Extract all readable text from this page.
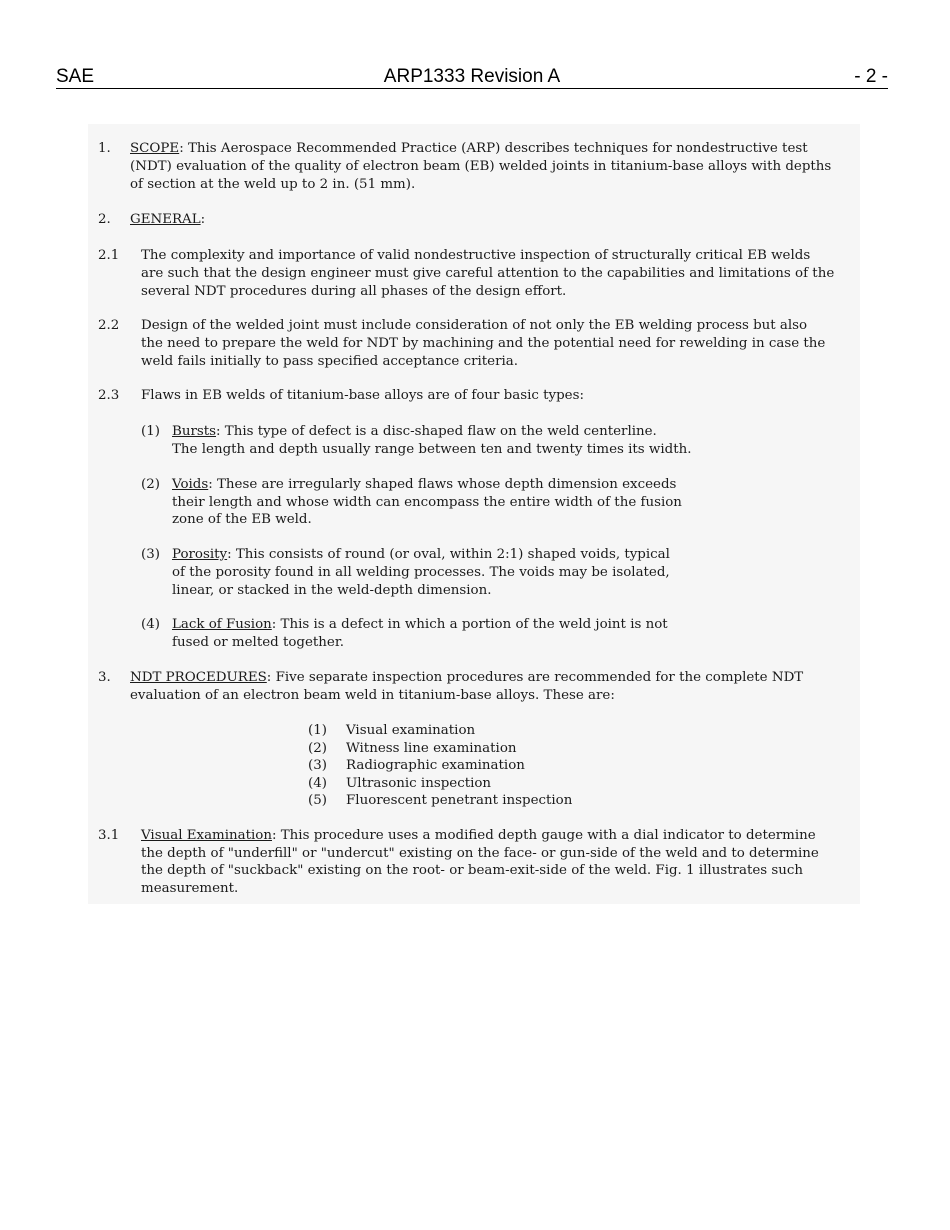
SAE	ARP1333 Revision A	- 2 -
1. SCOPE: This Aerospace Recommended Practice (ARP) describes techniques for nondestructive test
(NDT) evaluation of the quality of electron beam (EB) welded joints in titanium-base alloys with depths
of section at the weld up to 2 in. (51 mm).
2. GENERAL:
2.1 The complexity and importance of valid nondestructive inspection of structurally critical EB welds
are such that the design engineer must give careful attention to the capabilities and limitations of the
several NDT procedures during all phases of the design effort.
2.2 Design of the welded joint must include consideration of not only the EB welding process but also
the need to prepare the weld for NDT by machining and the potential need for rewelding in case the
weld fails initially to pass specified acceptance criteria.
2.3 Flaws in EB welds of titanium-base alloys are of four basic types:
(1) Bursts: This type of defect is a disc-shaped flaw on the weld centerline.
The length and depth usually range between ten and twenty times its width.
(2) Voids: These are irregularly shaped flaws whose depth dimension exceeds
their length and whose width can encompass the entire width of the fusion
zone of the EB weld.
(3) Porosity: This consists of round (or oval, within 2:1) shaped voids, typical
of the porosity found in all welding processes. The voids may be isolated,
linear, or stacked in the weld-depth dimension.
(4) Lack of Fusion: This is a defect in which a portion of the weld joint is not
fused or melted together.
3. NDT PROCEDURES: Five separate inspection procedures are recommended for the complete NDT
evaluation of an electron beam weld in titanium-base alloys. These are:
(1) Visual examination
(2) Witness line examination
(3) Radiographic examination
(4) Ultrasonic inspection
(5) Fluorescent penetrant inspection
3.1 Visual Examination: This procedure uses a modified depth gauge with a dial indicator to determine
the depth of "underfill" or "undercut" existing on the face- or gun-side of the weld and to determine
the depth of "suckback" existing on the root- or beam-exit-side of the weld. Fig. 1 illustrates such
measurement.
